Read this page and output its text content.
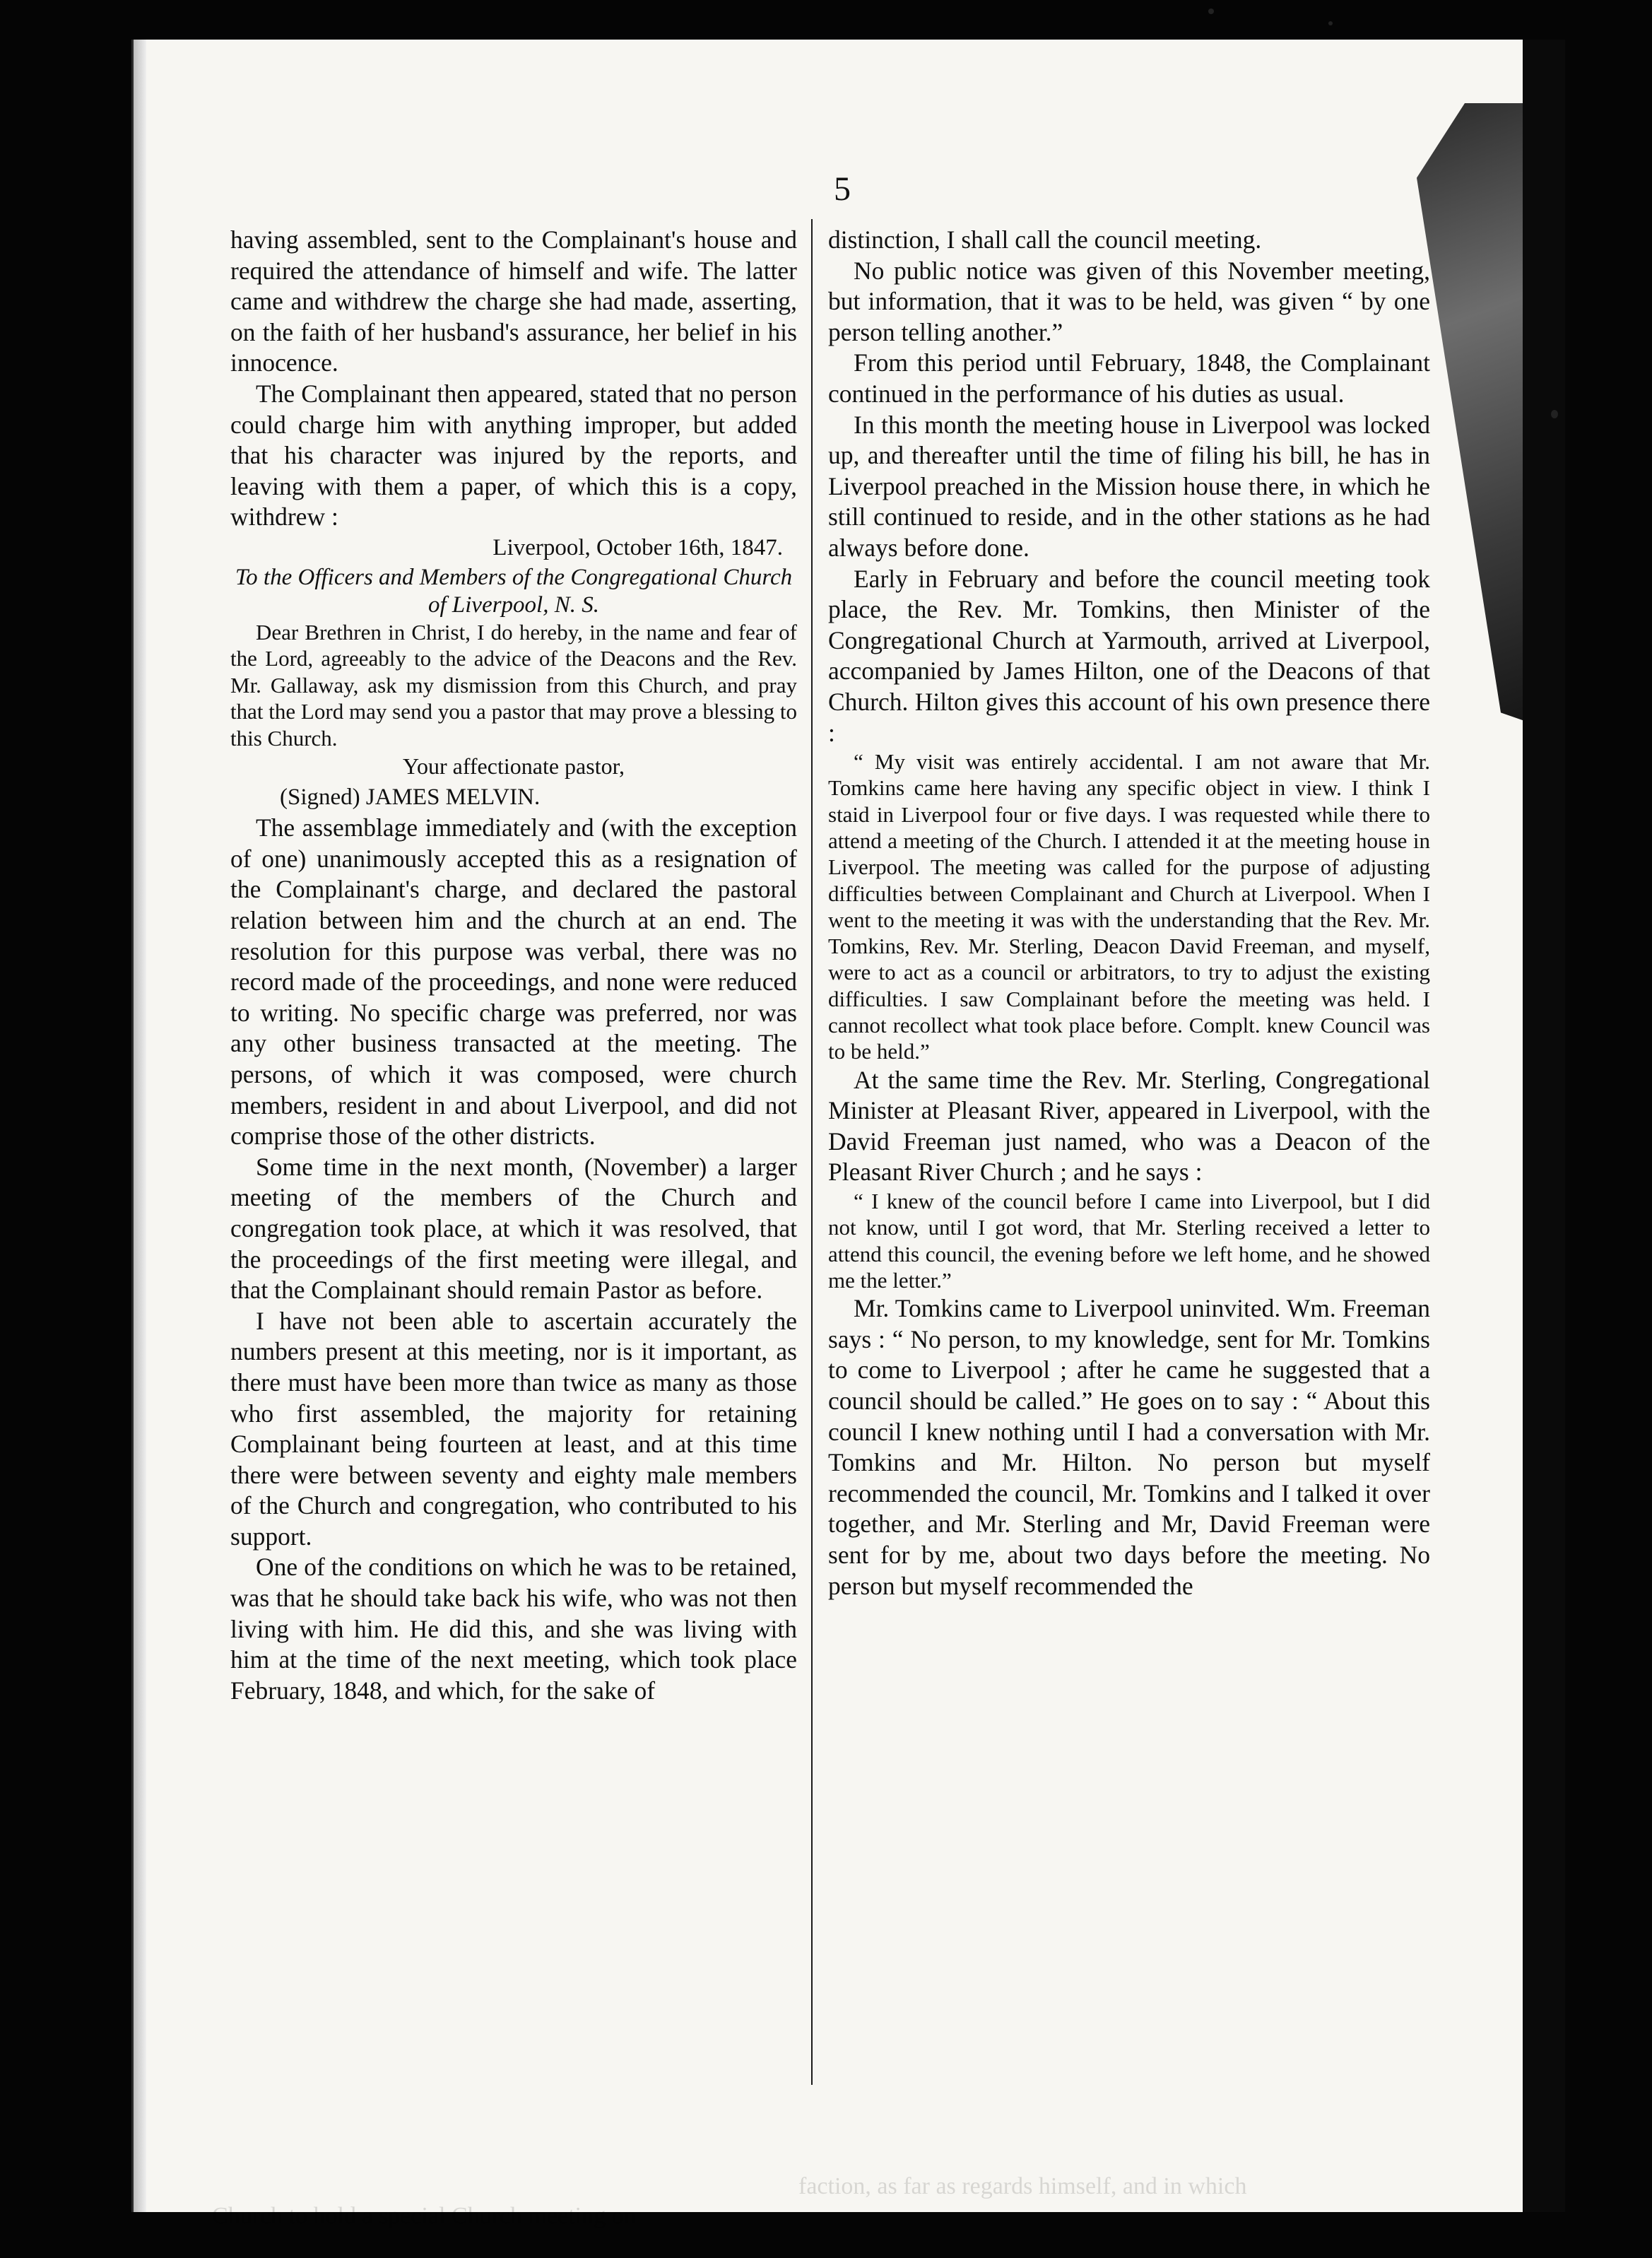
Church to hold a special Church meeting on
faction, as far as regards himself, and in which
5

having assembled, sent to the Complainant's house and required the attendance of himself and wife. The latter came and withdrew the charge she had made, asserting, on the faith of her husband's assurance, her belief in his innocence.

The Complainant then appeared, stated that no person could charge him with anything improper, but added that his character was injured by the reports, and leaving with them a paper, of which this is a copy, withdrew :

Liverpool, October 16th, 1847.

To the Officers and Members of the Congregational Church of Liverpool, N. S.

Dear Brethren in Christ, I do hereby, in the name and fear of the Lord, agreeably to the advice of the Deacons and the Rev. Mr. Gallaway, ask my dismission from this Church, and pray that the Lord may send you a pastor that may prove a blessing to this Church.

Your affectionate pastor,

(Signed) JAMES MELVIN.

The assemblage immediately and (with the exception of one) unanimously accepted this as a resignation of the Complainant's charge, and declared the pastoral relation between him and the church at an end. The resolution for this purpose was verbal, there was no record made of the proceedings, and none were reduced to writing. No specific charge was preferred, nor was any other business transacted at the meeting. The persons, of which it was composed, were church members, resident in and about Liverpool, and did not comprise those of the other districts.

Some time in the next month, (November) a larger meeting of the members of the Church and congregation took place, at which it was resolved, that the proceedings of the first meeting were illegal, and that the Complainant should remain Pastor as before.

I have not been able to ascertain accurately the numbers present at this meeting, nor is it important, as there must have been more than twice as many as those who first assembled, the majority for retaining Complainant being fourteen at least, and at this time there were between seventy and eighty male members of the Church and congregation, who contributed to his support.

One of the conditions on which he was to be retained, was that he should take back his wife, who was not then living with him. He did this, and she was living with him at the time of the next meeting, which took place February, 1848, and which, for the sake of

distinction, I shall call the council meeting.

No public notice was given of this November meeting, but information, that it was to be held, was given “ by one person telling another.”

From this period until February, 1848, the Complainant continued in the performance of his duties as usual.

In this month the meeting house in Liverpool was locked up, and thereafter until the time of filing his bill, he has in Liverpool preached in the Mission house there, in which he still continued to reside, and in the other stations as he had always before done.

Early in February and before the council meeting took place, the Rev. Mr. Tomkins, then Minister of the Congregational Church at Yarmouth, arrived at Liverpool, accompanied by James Hilton, one of the Deacons of that Church. Hilton gives this account of his own presence there :

“ My visit was entirely accidental. I am not aware that Mr. Tomkins came here having any specific object in view. I think I staid in Liverpool four or five days. I was requested while there to attend a meeting of the Church. I attended it at the meeting house in Liverpool. The meeting was called for the purpose of adjusting difficulties between Complainant and Church at Liverpool. When I went to the meeting it was with the understanding that the Rev. Mr. Tomkins, Rev. Mr. Sterling, Deacon David Freeman, and myself, were to act as a council or arbitrators, to try to adjust the existing difficulties. I saw Complainant before the meeting was held. I cannot recollect what took place before. Complt. knew Council was to be held.”

At the same time the Rev. Mr. Sterling, Congregational Minister at Pleasant River, appeared in Liverpool, with the David Freeman just named, who was a Deacon of the Pleasant River Church ; and he says :

“ I knew of the council before I came into Liverpool, but I did not know, until I got word, that Mr. Sterling received a letter to attend this council, the evening before we left home, and he showed me the letter.”

Mr. Tomkins came to Liverpool uninvited. Wm. Freeman says : “ No person, to my knowledge, sent for Mr. Tomkins to come to Liverpool ; after he came he suggested that a council should be called.” He goes on to say : “ About this council I knew nothing until I had a conversation with Mr. Tomkins and Mr. Hilton. No person but myself recommended the council, Mr. Tomkins and I talked it over together, and Mr. Sterling and Mr, David Freeman were sent for by me, about two days before the meeting. No person but myself recommended the
